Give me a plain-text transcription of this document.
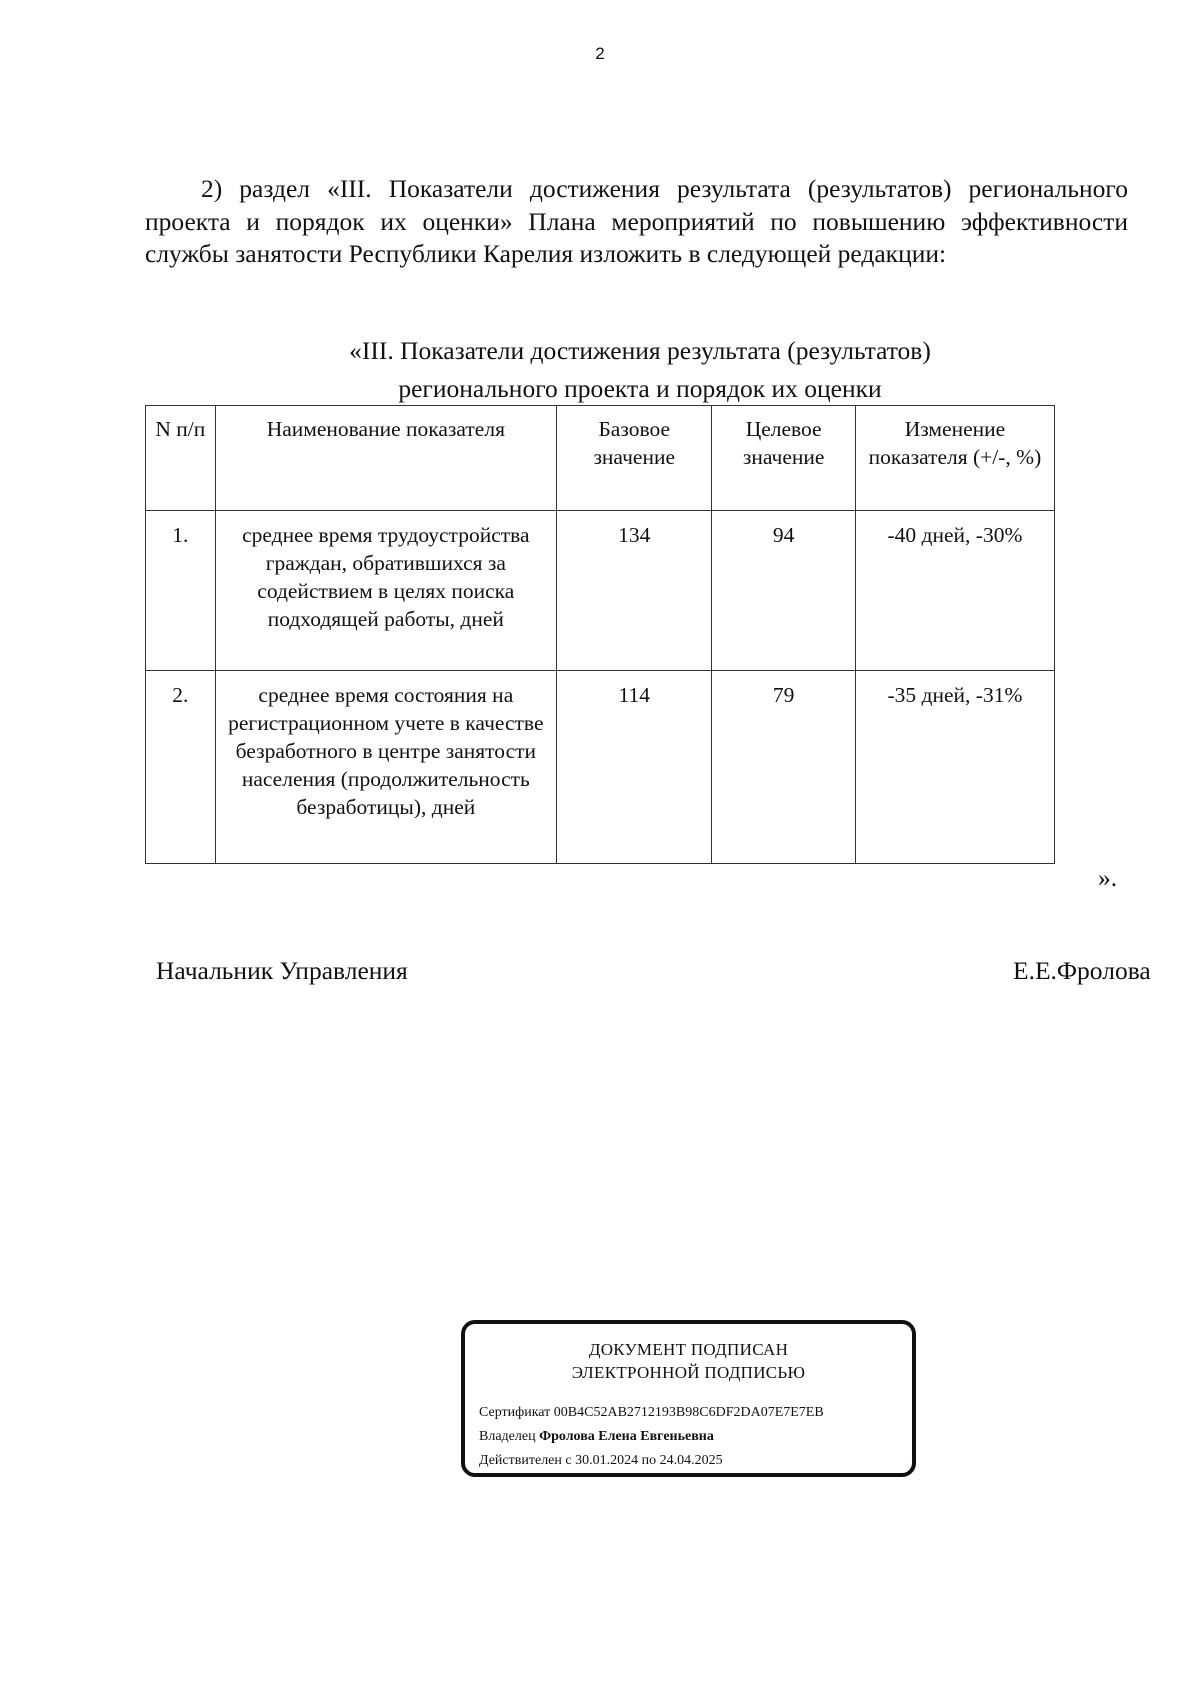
2

2) раздел «III. Показатели достижения результата (результатов) регионального проекта и порядок их оценки» Плана мероприятий по повышению эффективности службы занятости Республики Карелия изложить в следующей редакции:

«III. Показатели достижения результата (результатов)
регионального проекта и порядок их оценки
N п/п	Наименование показателя	Базовое значение	Целевое значение	Изменение показателя (+/-, %)
1.	среднее время трудоустройства граждан, обратившихся за содействием в целях поиска подходящей работы, дней	134	94	-40 дней, -30%
2.	среднее время состояния на регистрационном учете в качестве безработного в центре занятости населения (продолжительность безработицы), дней	114	79	-35 дней, -31%
».
Начальник Управления	Е.Е.Фролова
ДОКУМЕНТ ПОДПИСАН
ЭЛЕКТРОННОЙ ПОДПИСЬЮ
Сертификат 00B4C52AB2712193B98C6DF2DA07E7E7EB
Владелец Фролова Елена Евгеньевна
Действителен с 30.01.2024 по 24.04.2025
